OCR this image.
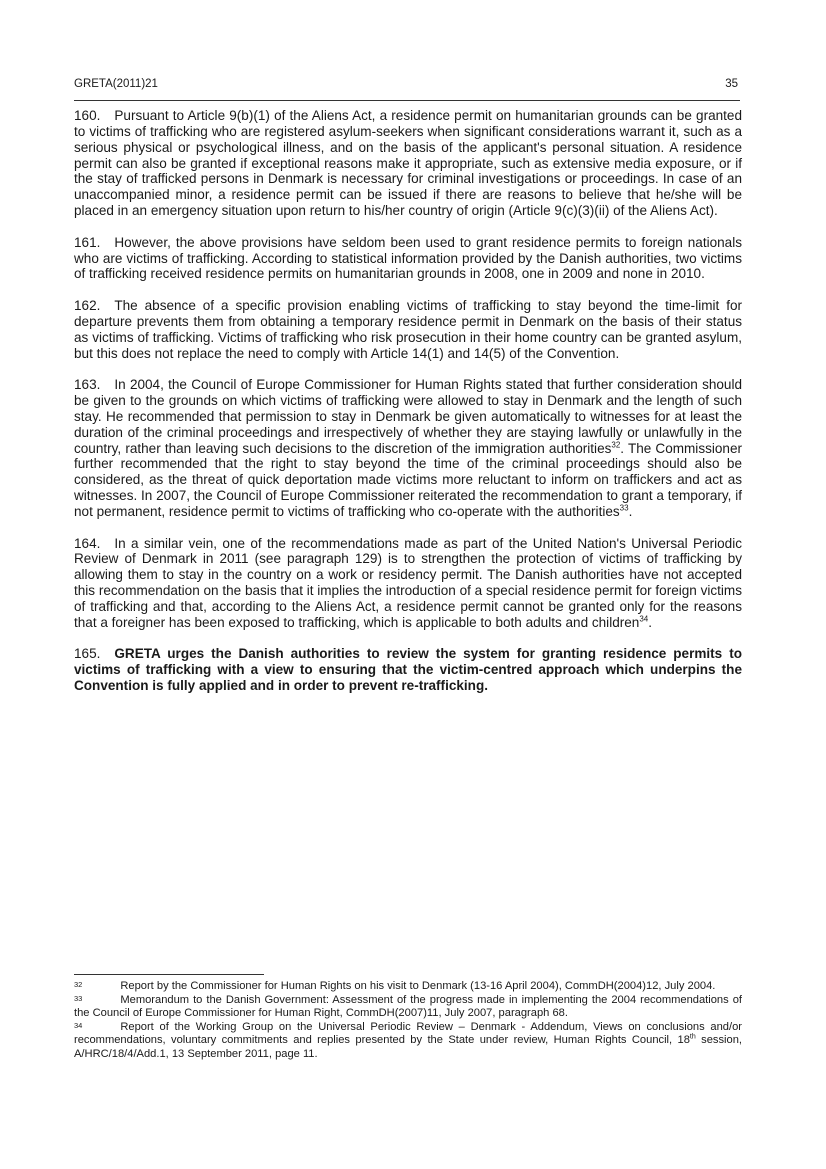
GRETA(2011)21	35

160. Pursuant to Article 9(b)(1) of the Aliens Act, a residence permit on humanitarian grounds can be granted to victims of trafficking who are registered asylum-seekers when significant considerations warrant it, such as a serious physical or psychological illness, and on the basis of the applicant's personal situation. A residence permit can also be granted if exceptional reasons make it appropriate, such as extensive media exposure, or if the stay of trafficked persons in Denmark is necessary for criminal investigations or proceedings. In case of an unaccompanied minor, a residence permit can be issued if there are reasons to believe that he/she will be placed in an emergency situation upon return to his/her country of origin (Article 9(c)(3)(ii) of the Aliens Act).

161. However, the above provisions have seldom been used to grant residence permits to foreign nationals who are victims of trafficking. According to statistical information provided by the Danish authorities, two victims of trafficking received residence permits on humanitarian grounds in 2008, one in 2009 and none in 2010.

162. The absence of a specific provision enabling victims of trafficking to stay beyond the time-limit for departure prevents them from obtaining a temporary residence permit in Denmark on the basis of their status as victims of trafficking. Victims of trafficking who risk prosecution in their home country can be granted asylum, but this does not replace the need to comply with Article 14(1) and 14(5) of the Convention.

163. In 2004, the Council of Europe Commissioner for Human Rights stated that further consideration should be given to the grounds on which victims of trafficking were allowed to stay in Denmark and the length of such stay. He recommended that permission to stay in Denmark be given automatically to witnesses for at least the duration of the criminal proceedings and irrespectively of whether they are staying lawfully or unlawfully in the country, rather than leaving such decisions to the discretion of the immigration authorities$^{32}$. The Commissioner further recommended that the right to stay beyond the time of the criminal proceedings should also be considered, as the threat of quick deportation made victims more reluctant to inform on traffickers and act as witnesses. In 2007, the Council of Europe Commissioner reiterated the recommendation to grant a temporary, if not permanent, residence permit to victims of trafficking who co-operate with the authorities$^{33}$.

164. In a similar vein, one of the recommendations made as part of the United Nation's Universal Periodic Review of Denmark in 2011 (see paragraph 129) is to strengthen the protection of victims of trafficking by allowing them to stay in the country on a work or residency permit. The Danish authorities have not accepted this recommendation on the basis that it implies the introduction of a special residence permit for foreign victims of trafficking and that, according to the Aliens Act, a residence permit cannot be granted only for the reasons that a foreigner has been exposed to trafficking, which is applicable to both adults and children$^{34}$.

165. GRETA urges the Danish authorities to review the system for granting residence permits to victims of trafficking with a view to ensuring that the victim-centred approach which underpins the Convention is fully applied and in order to prevent re-trafficking.

$^{32}$	Report by the Commissioner for Human Rights on his visit to Denmark (13-16 April 2004), CommDH(2004)12, July 2004.

$^{33}$	Memorandum to the Danish Government: Assessment of the progress made in implementing the 2004 recommendations of the Council of Europe Commissioner for Human Right, CommDH(2007)11, July 2007, paragraph 68.

$^{34}$	Report of the Working Group on the Universal Periodic Review – Denmark - Addendum, Views on conclusions and/or recommendations, voluntary commitments and replies presented by the State under review, Human Rights Council, 18th session, A/HRC/18/4/Add.1, 13 September 2011, page 11.
